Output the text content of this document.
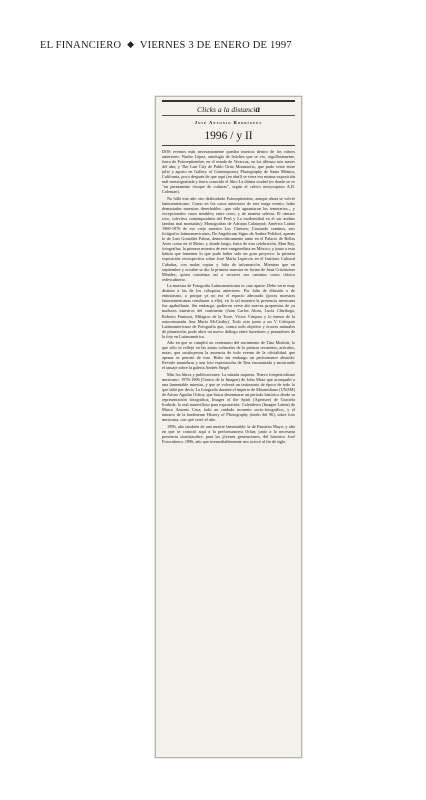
EL FINANCIERO ◆ VIERNES 3 DE ENERO DE 1997
Clicks a la distancia
José Antonio Rodríguez
1996 / y II

DOS eventos más necesariamente quedan insertos dentro de los rubros anteriores: Nacho López, antología de fetiches que se vio, orgullosamente, fuera de Fotoseptiembre, en el estado de Veracruz, en los últimos seis meses del año; y The Last City de Pablo Ortiz Monasterio, que pudo verse entre julio y agosto en Gallery of Contemporary Photography de Santa Mónica, California, poco después de que aquí (en abril) se viera esa misma exposición mal museografiada y fuera conocido el libro La última ciudad (es donde se ve "un permanente choque de culturas", según el crítico neoyorquino A.D. Coleman).

No falló este año otro desbordado Fotoseptiembre, aunque ahora se volvió latinoamericano. Como en los casos anteriores de este mega evento, hubo demasiadas muestras desechables –que sólo aguantaron los temerarios–, y excepcionales casos notables; entre otros, y de manera selecta: El cántaro roto, colectiva contemporánea del Perú y La modernidad en el sur andino (ambas mal montadas); Monografías de Adriana Calatayud; América Latina 1960-1976 de ese viejo maestro Luc Chessex; Cruzando caminos, seis fotógrafos latinoamericanos; De Angelorum Signo de Ambra Polidori; apenas lo de Luis González Palma, democráticamente tanto en el Palacio de Bellas Artes como en el Metro; y donde luego, fuera de esta celebración, Man Ray, fotografías, la primera muestra de este vanguardista en México; y junto a esto habría que lamentar lo que pudo haber sido un gran proyecto: la primera exposición retrospectiva sobre José María Lupercio en el Instituto Cultural Cabañas, con malas copias y falta de información. Mientras que en septiembre y octubre se dio la primera muestra en forma de Juan Crisóstomo Méndez, quien comienza así a recorrer sus caminos como clásico redescubierto.

La muestra de Fotografía Latinoamericana es caso aparte. Debe verse muy distinta a las de los coloquios anteriores. Por falta de difusión o de entusiasmo, o porque ya no era el espacio adecuado (pocas muestras latinoamericanas resultaron a ella), en lo tal muestra la presencia mexicana fue apabullante. Sin embargo, pudieron verse ahí nuevas propuestas de ya maduros maestros del continente (Juan Carlos Alom, Lucía Chiriboga, Roberto Fantozzi, Milagros de la Torre, Víctor Vásquez y lo menor de la autocensurada Ana María McCarthy). Todo esto junto a un V Coloquio Latinoamericano de Fotografía que, contra todo objetivo y errores naturales de planeación, pudo abrir un nuevo diálogo entre hacedores y pensadores de la foto en Latinoamérica.

Año en que se cumplió un centenario del nacimiento de Tina Modotti, lo que sólo se reflejó en las zonas culturales de la prensar recuentos, artículos, notas, que sustituyeron la ausencia de todo evento de la oficialidad, que apenas se percató de esto. Hubo sin embargo un performance absurdo: Revarle maniobras y una foto espectacular de Tina encaramada y mostrando el tatuaje sobre la galería Andrés Siegel.

Más los libros y publicaciones: La mirada inquieta. Nuevo fotoperiodismo mexicano: 1976-1996 (Centro de la Imagen) de John Mraz que acompañó a una lamentable muestra, y que se volverá un testimonio de época de todo lo que faltó por decir; La fotografía durante el imperio de Maximiliano (UNAM) de Arturo Aguilar Ochoa, que busca desenmarar un período histórico desde su representación fotográfica; Images of the Spirit (Aperture) de Graciela Iturbide, lo real maravilloso para exportación; Cafetaleros (Imagen Latina) de Marco Antonio Cruz, todo un cuidado recuento socio-fotográfico, y el número de la londinense History of Photography (otoño del 96), sobre foto mexicana, con qué cerró el año.

1996, año también de una muerte lamentable: la de Faustino Mayo; y año en que se conoció aquí a la performancera Orlan; junto a la necesaria presencia sionistasobre, para las jóvenes generaciones, del histórico José Fotocubrero. 1996, año que irremediablemente nos acercó al fin de siglo.
